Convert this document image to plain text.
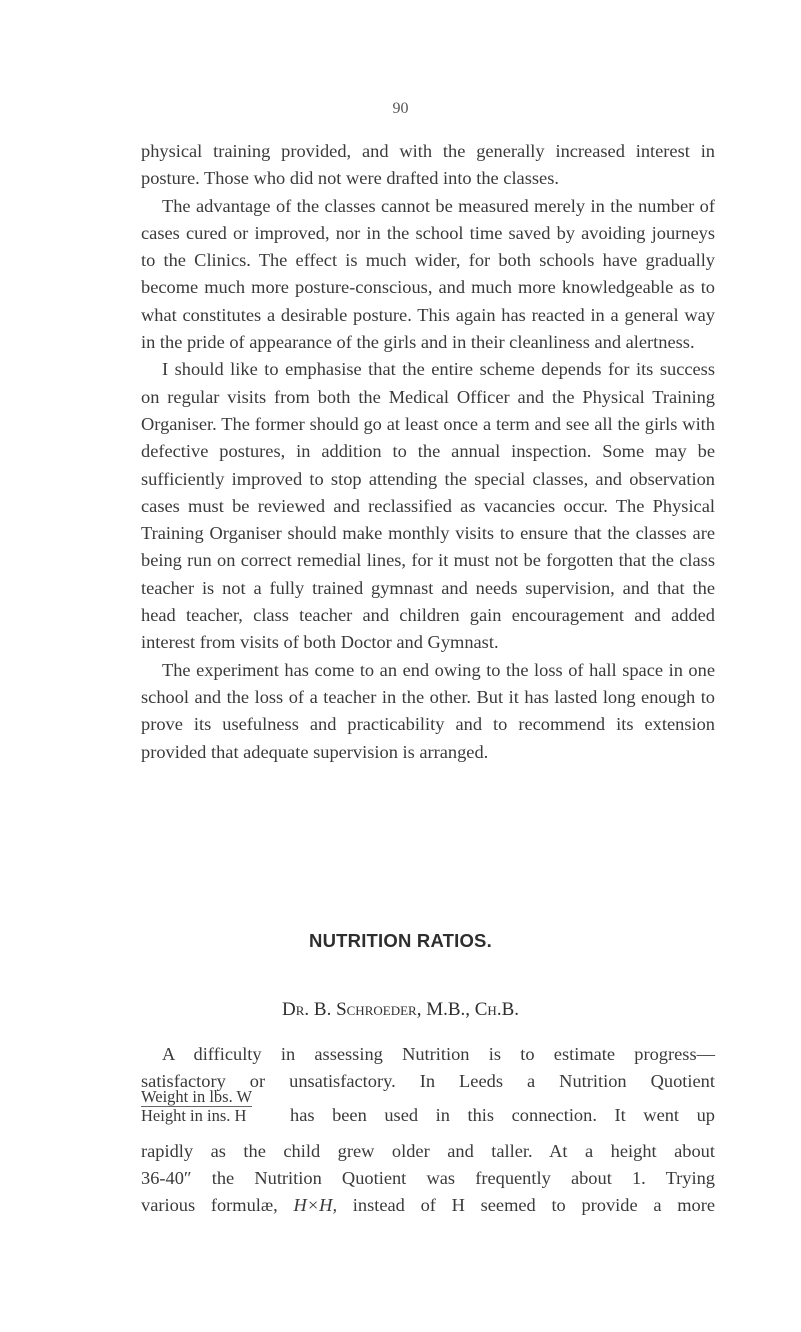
90

physical training provided, and with the generally increased interest in posture. Those who did not were drafted into the classes.

The advantage of the classes cannot be measured merely in the number of cases cured or improved, nor in the school time saved by avoiding journeys to the Clinics. The effect is much wider, for both schools have gradually become much more posture-conscious, and much more knowledgeable as to what constitutes a desirable posture. This again has reacted in a general way in the pride of appearance of the girls and in their cleanliness and alertness.

I should like to emphasise that the entire scheme depends for its success on regular visits from both the Medical Officer and the Physical Training Organiser. The former should go at least once a term and see all the girls with defective postures, in addition to the annual inspection. Some may be sufficiently improved to stop attending the special classes, and observation cases must be reviewed and reclassified as vacancies occur. The Physical Training Organiser should make monthly visits to ensure that the classes are being run on correct remedial lines, for it must not be forgotten that the class teacher is not a fully trained gymnast and needs supervision, and that the head teacher, class teacher and children gain encouragement and added interest from visits of both Doctor and Gymnast.

The experiment has come to an end owing to the loss of hall space in one school and the loss of a teacher in the other. But it has lasted long enough to prove its usefulness and practicability and to recommend its extension provided that adequate supervision is arranged.

NUTRITION RATIOS.
Dr. B. Schroeder, M.B., Ch.B.
A difficulty in assessing Nutrition is to estimate progress—
satisfactory or unsatisfactory. In Leeds a Nutrition Quotient
Weight in lbs. W
Height in ins. H	has been used in this connection. It went up
rapidly as the child grew older and taller. At a height about
36-40″ the Nutrition Quotient was frequently about 1. Trying
various formulæ, H×H, instead of H seemed to provide a more
